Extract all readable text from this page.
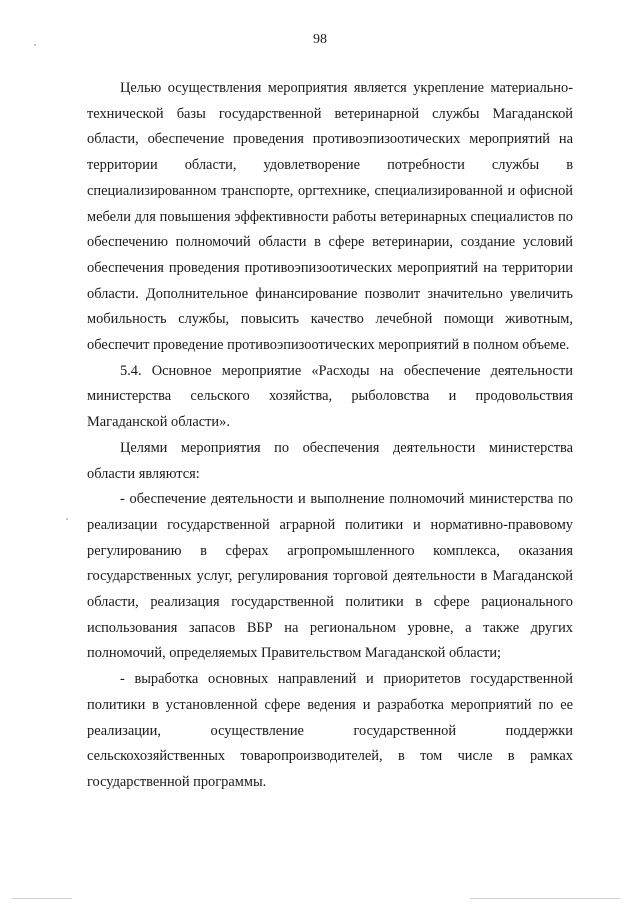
98

Целью осуществления мероприятия является укрепление материально-технической базы государственной ветеринарной службы Магаданской области, обеспечение проведения противоэпизоотических мероприятий на территории области, удовлетворение потребности службы в специализированном транспорте, оргтехнике, специализированной и офисной мебели для повышения эффективности работы ветеринарных специалистов по обеспечению полномочий области в сфере ветеринарии, создание условий обеспечения проведения противоэпизоотических мероприятий на территории области. Дополнительное финансирование позволит значительно увеличить мобильность службы, повысить качество лечебной помощи животным, обеспечит проведение противоэпизоотических мероприятий в полном объеме.

5.4. Основное мероприятие «Расходы на обеспечение деятельности министерства сельского хозяйства, рыболовства и продовольствия Магаданской области».

Целями мероприятия по обеспечения деятельности министерства области являются:

- обеспечение деятельности и выполнение полномочий министерства по реализации государственной аграрной политики и нормативно-правовому регулированию в сферах агропромышленного комплекса, оказания государственных услуг, регулирования торговой деятельности в Магаданской области, реализация государственной политики в сфере рационального использования запасов ВБР на региональном уровне, а также других полномочий, определяемых Правительством Магаданской области;

- выработка основных направлений и приоритетов государственной политики в установленной сфере ведения и разработка мероприятий по ее реализации, осуществление государственной поддержки сельскохозяйственных товаропроизводителей, в том числе в рамках государственной программы.
